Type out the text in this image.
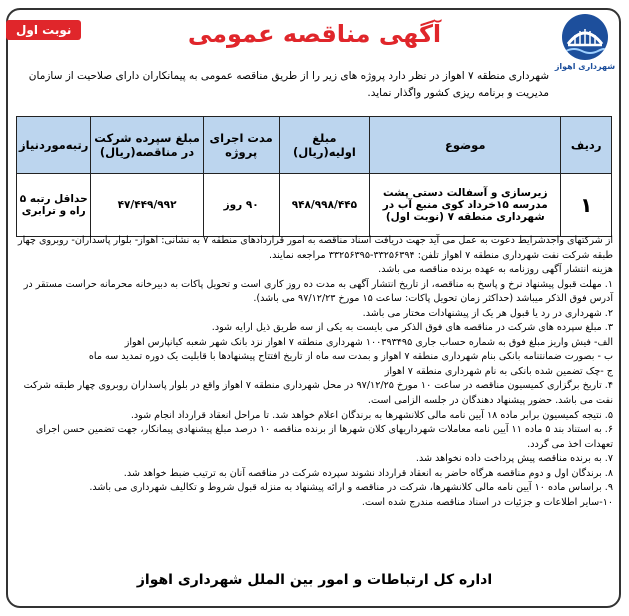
شهرداری اهواز
نوبت اول	آگهی مناقصه عمومی
شهرداری منطقه ۷ اهواز در نظر دارد پروژه های زیر را از طریق مناقصه عمومی به پیمانکاران دارای صلاحیت از سازمان مدیریت و برنامه ریزی کشور واگذار نماید.
ردیف	موضوع	مبلغ اولیه(ریال)	مدت اجرای پروژه	مبلغ سپرده شرکت در مناقصه(ریال)	رتبه‌موردنیاز
۱	زیرسازی و آسفالت دستی پشت مدرسه ۱۵خرداد کوی منبع آب در شهرداری منطقه ۷ (نوبت اول)	۹۴۸/۹۹۸/۴۴۵	۹۰ روز	۴۷/۴۴۹/۹۹۲	حداقل رتبه ۵ راه و ترابری

از شرکتهای واجدشرایط دعوت به عمل می آید جهت دریافت اسناد مناقصه به امور قراردادهای منطقه ۷ به نشانی: اهواز- بلوار پاسداران- روبروی چهار طبقه شرکت نفت شهرداری منطقه ۷ اهواز تلفن: ۳۳۲۵۶۳۹۴-۳۳۲۵۶۳۹۵ مراجعه نمایند.

هزینه انتشار آگهی روزنامه به عهده برنده مناقصه می باشد.

۱. مهلت قبول پیشنهاد نرخ و پاسخ به مناقصه، از تاریخ انتشار آگهی به مدت ده روز کاری است و تحویل پاکات به دبیرخانه محرمانه حراست مستقر در آدرس فوق الذکر میباشد (حداکثر زمان تحویل پاکات: ساعت ۱۵ مورخ ۹۷/۱۲/۲۳ می باشد).

۲. شهرداری در رد یا قبول هر یک از پیشنهادات مختار می باشد.

۳. مبلغ سپرده های شرکت در مناقصه های فوق الذکر می بایست به یکی از سه طریق ذیل ارایه شود.

الف- فیش واریز مبلغ فوق به شماره حساب جاری ۱۰۰۳۹۳۴۹۵ شهرداری منطقه ۷ اهواز نزد بانک شهر شعبه کیانپارس اهواز

ب - بصورت ضمانتنامه بانکی بنام شهرداری منطقه ۷ اهواز و بمدت سه ماه از تاریخ افتتاح پیشنهادها با قابلیت یک دوره تمدید سه ماه

ج -چک تضمین شده بانکی به نام شهرداری منطقه ۷ اهواز

۴. تاریخ برگزاری کمیسیون مناقصه در ساعت ۱۰ مورخ ۹۷/۱۲/۲۵ در محل شهرداری منطقه ۷ اهواز واقع در بلوار پاسداران روبروی چهار طبقه شرکت نفت می باشد. حضور پیشنهاد دهندگان در جلسه الزامی است.

۵. نتیجه کمیسیون برابر ماده ۱۸ آیین نامه مالی کلانشهرها به برندگان اعلام خواهد شد. تا مراحل انعقاد قرارداد انجام شود.

۶. به استناد بند ۵ ماده ۱۱ آیین نامه معاملات شهرداریهای کلان شهرها از برنده مناقصه ۱۰ درصد مبلغ پیشنهادی پیمانکار، جهت تضمین حسن اجرای تعهدات اخذ می گردد.

۷. به برنده مناقصه پیش پرداخت داده نخواهد شد.

۸. برندگان اول و دوم مناقصه هرگاه حاضر به انعقاد قرارداد نشوند سپرده شرکت در مناقصه آنان به ترتیب ضبط خواهد شد.

۹. براساس ماده ۱۰ آیین نامه مالی کلانشهرها، شرکت در مناقصه و ارائه پیشنهاد به منزله قبول شروط و تکالیف شهرداری می باشد.

۱۰-سایر اطلاعات و جزئیات در اسناد مناقصه مندرج شده است.

اداره کل ارتباطات و امور بین الملل شهرداری اهواز
